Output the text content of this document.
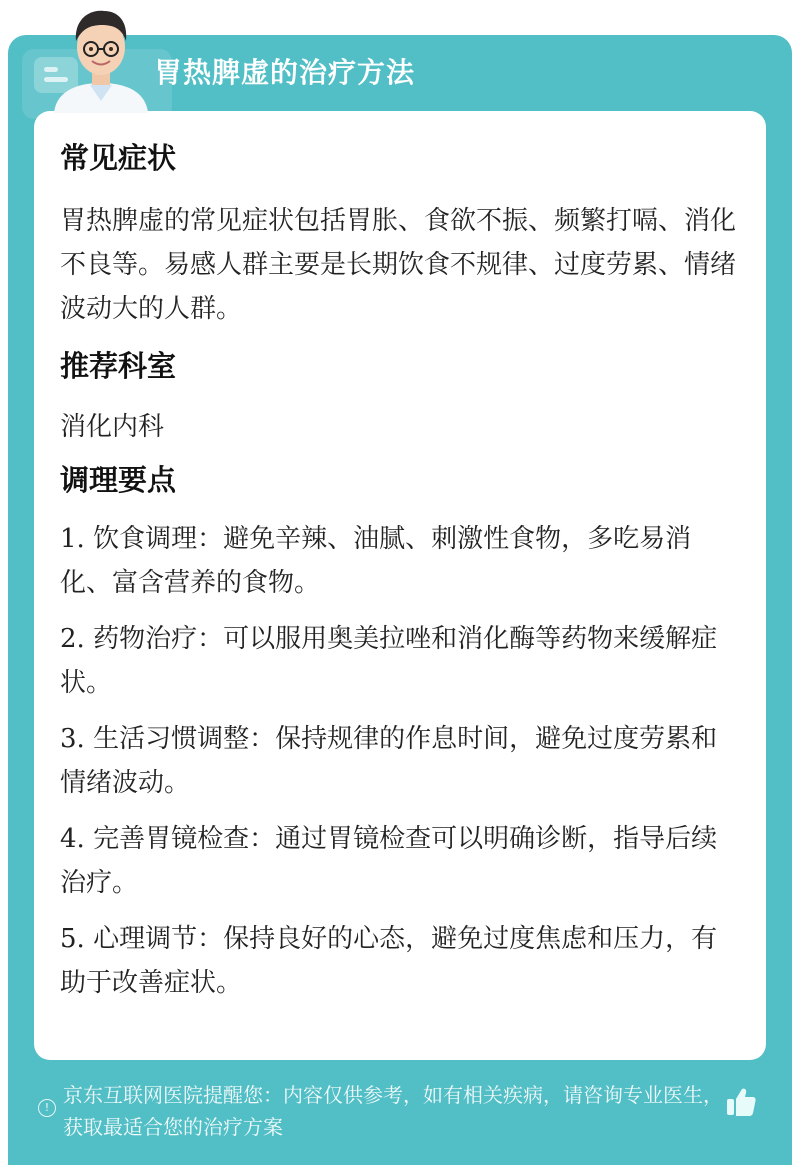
胃热脾虚的治疗方法
常见症状
胃热脾虚的常见症状包括胃胀、食欲不振、频繁打嗝、消化不良等。易感人群主要是长期饮食不规律、过度劳累、情绪波动大的人群。
推荐科室
消化内科
调理要点
1. 饮食调理：避免辛辣、油腻、刺激性食物，多吃易消化、富含营养的食物。
2. 药物治疗：可以服用奥美拉唑和消化酶等药物来缓解症状。
3. 生活习惯调整：保持规律的作息时间，避免过度劳累和情绪波动。
4. 完善胃镜检查：通过胃镜检查可以明确诊断，指导后续治疗。
5. 心理调节：保持良好的心态，避免过度焦虑和压力，有助于改善症状。
!
京东互联网医院提醒您：内容仅供参考，如有相关疾病，请咨询专业医生，获取最适合您的治疗方案
